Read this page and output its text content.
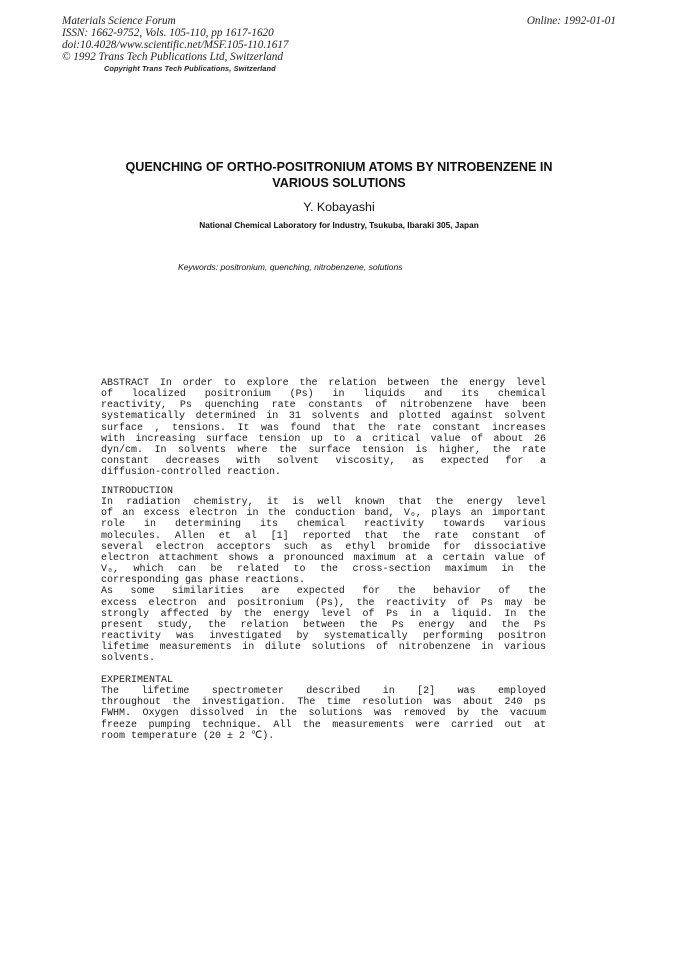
Materials Science Forum
ISSN: 1662-9752, Vols. 105-110, pp 1617-1620
doi:10.4028/www.scientific.net/MSF.105-110.1617
© 1992 Trans Tech Publications Ltd, Switzerland
Online: 1992-01-01
Copyright Trans Tech Publications, Switzerland
QUENCHING OF ORTHO-POSITRONIUM ATOMS BY NITROBENZENE IN
VARIOUS SOLUTIONS
Y. Kobayashi
National Chemical Laboratory for Industry, Tsukuba, Ibaraki 305, Japan
Keywords: positronium, quenching, nitrobenzene, solutions
ABSTRACT In order to explore the relation between the energy level
of localized positronium (Ps) in liquids and its chemical
reactivity, Ps quenching rate constants of nitrobenzene have been
systematically determined in 31 solvents and plotted against solvent
surface , tensions. It was found that the rate constant increases
with increasing surface tension up to a critical value of about 26
dyn/cm. In solvents where the surface tension is higher, the rate
constant decreases with solvent viscosity, as expected for a
diffusion-controlled reaction.
INTRODUCTION
In radiation chemistry, it is well known that the energy level
of an excess electron in the conduction band, V₀, plays an important
role in determining its chemical reactivity towards various
molecules. Allen et al [1] reported that the rate constant of
several electron acceptors such as ethyl bromide for dissociative
electron attachment shows a pronounced maximum at a certain value of
V₀, which can be related to the cross-section maximum in the
corresponding gas phase reactions.
As some similarities are expected for the behavior of the
excess electron and positronium (Ps), the reactivity of Ps may be
strongly affected by the energy level of Ps in a liquid. In the
present study, the relation between the Ps energy and the Ps
reactivity was investigated by systematically performing positron
lifetime measurements in dilute solutions of nitrobenzene in various
solvents.
EXPERIMENTAL
The lifetime spectrometer described in [2] was employed
throughout the investigation. The time resolution was about 240 ps
FWHM. Oxygen dissolved in the solutions was removed by the vacuum
freeze pumping technique. All the measurements were carried out at
room temperature (20 ± 2 ℃).
